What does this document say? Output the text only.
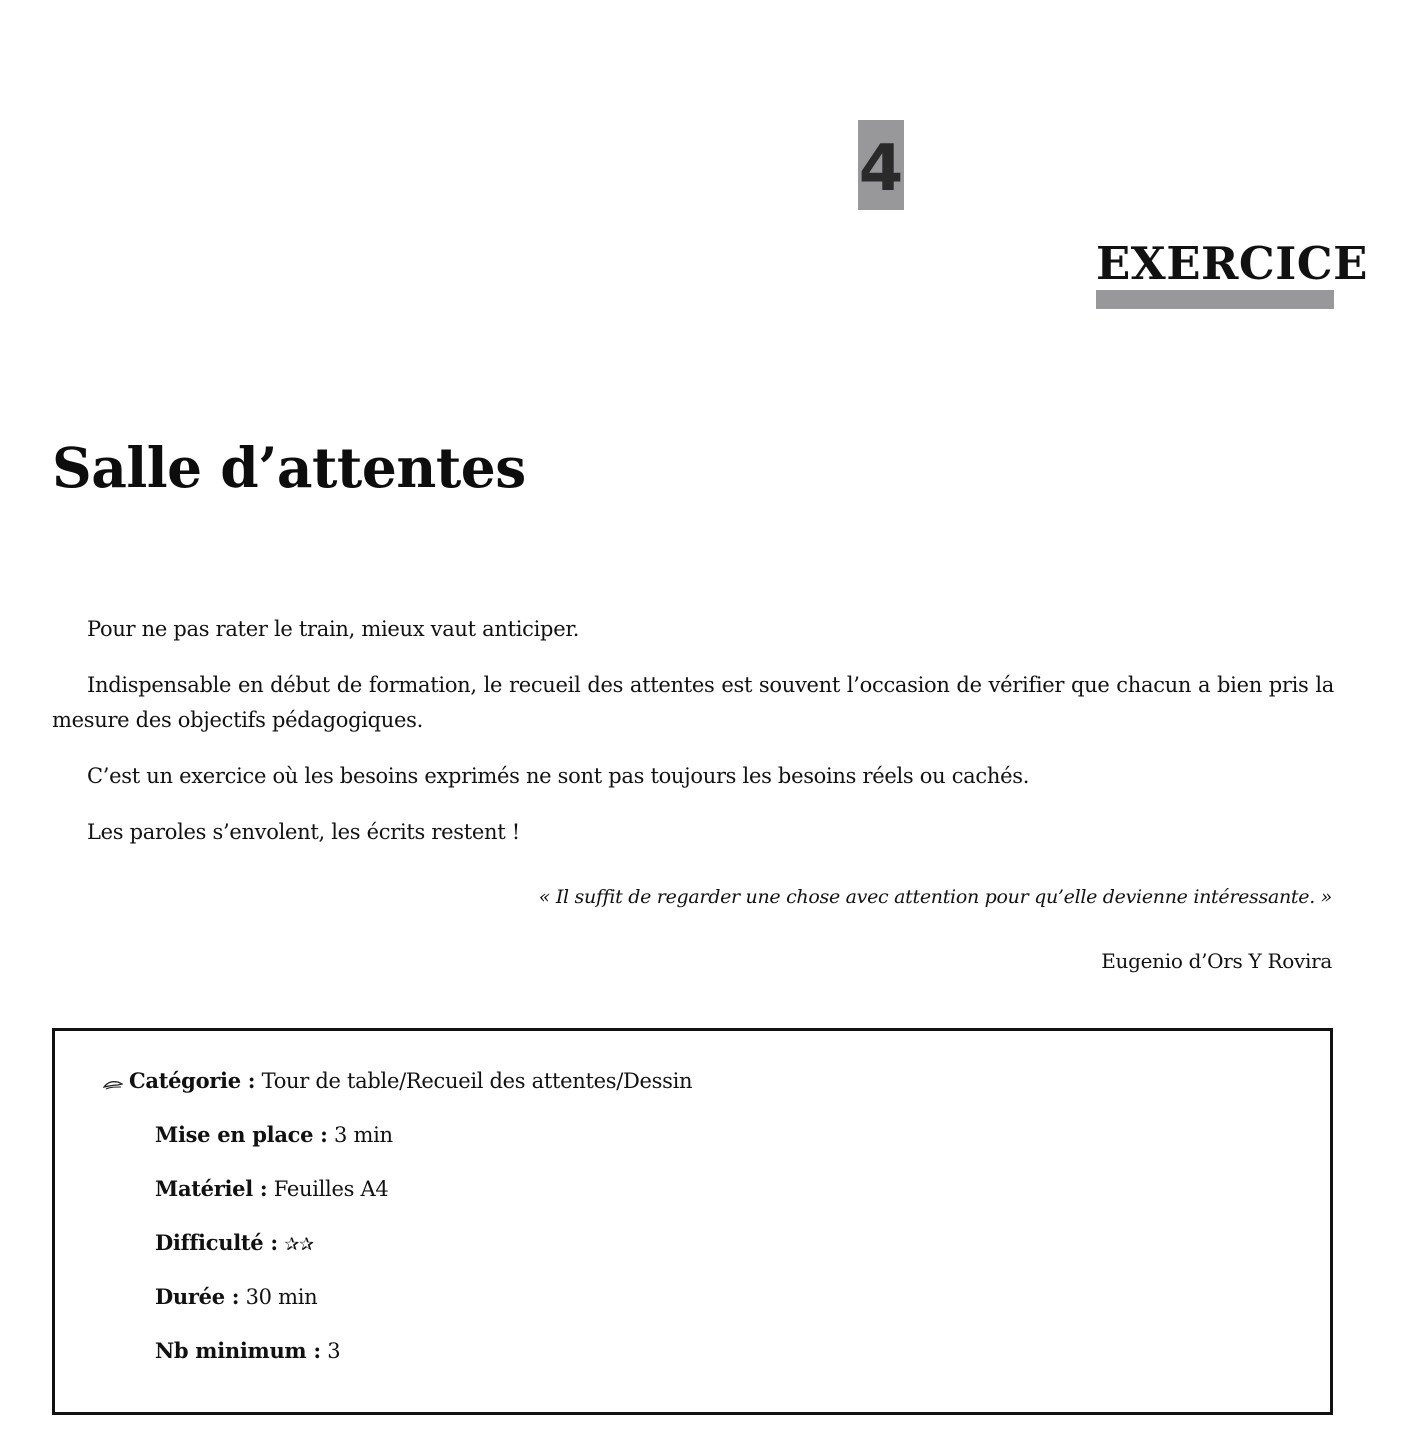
4
EXERCICE
Salle d’attentes

Pour ne pas rater le train, mieux vaut anticiper.

Indispensable en début de formation, le recueil des attentes est souvent l’occasion de vérifier que chacun a bien pris la mesure des objectifs pédagogiques.

C’est un exercice où les besoins exprimés ne sont pas toujours les besoins réels ou cachés.

Les paroles s’envolent, les écrits restent !

« Il suffit de regarder une chose avec attention pour qu’elle devienne intéressante. »

Eugenio d’Ors Y Rovira

Catégorie : Tour de table/Recueil des attentes/Dessin
Mise en place : 3 min
Matériel : Feuilles A4
Difficulté : ✰✰
Durée : 30 min
Nb minimum : 3
